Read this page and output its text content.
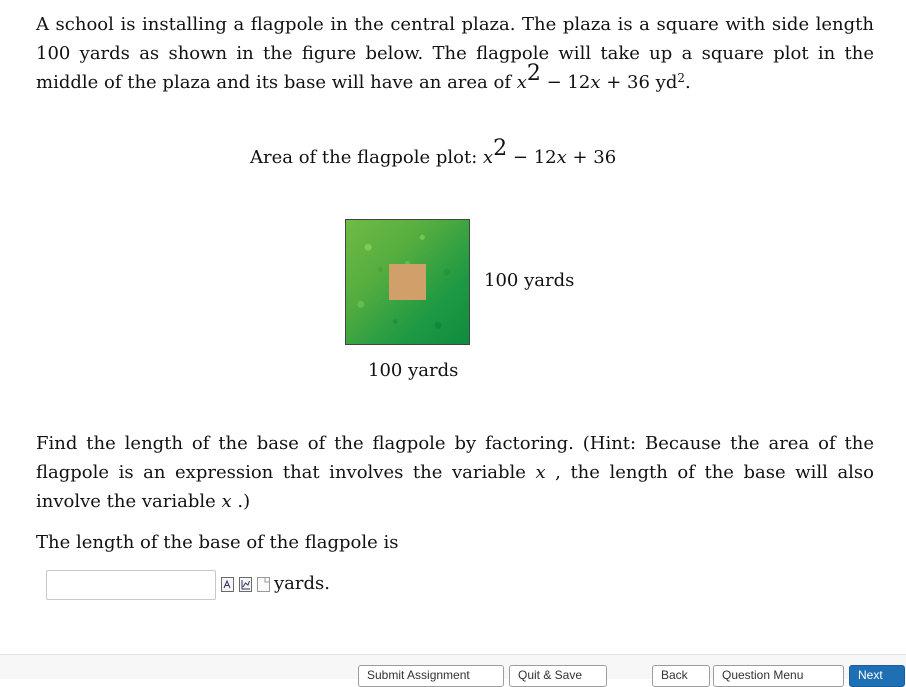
A school is installing a flagpole in the central plaza. The plaza is a square with side length 100 yards as shown in the figure below. The flagpole will take up a square plot in the middle of the plaza and its base will have an area of x2 − 12x + 36 $yd^2$.
Area of the flagpole plot: x2 − 12x + 36
100 yards
100 yards
Find the length of the base of the flagpole by factoring. (Hint: Because the area of the flagpole is an expression that involves the variable x , the length of the base will also involve the variable x .)
The length of the base of the flagpole is
yards.
Submit Assignment	Quit & Save	Back	Question Menu	Next
